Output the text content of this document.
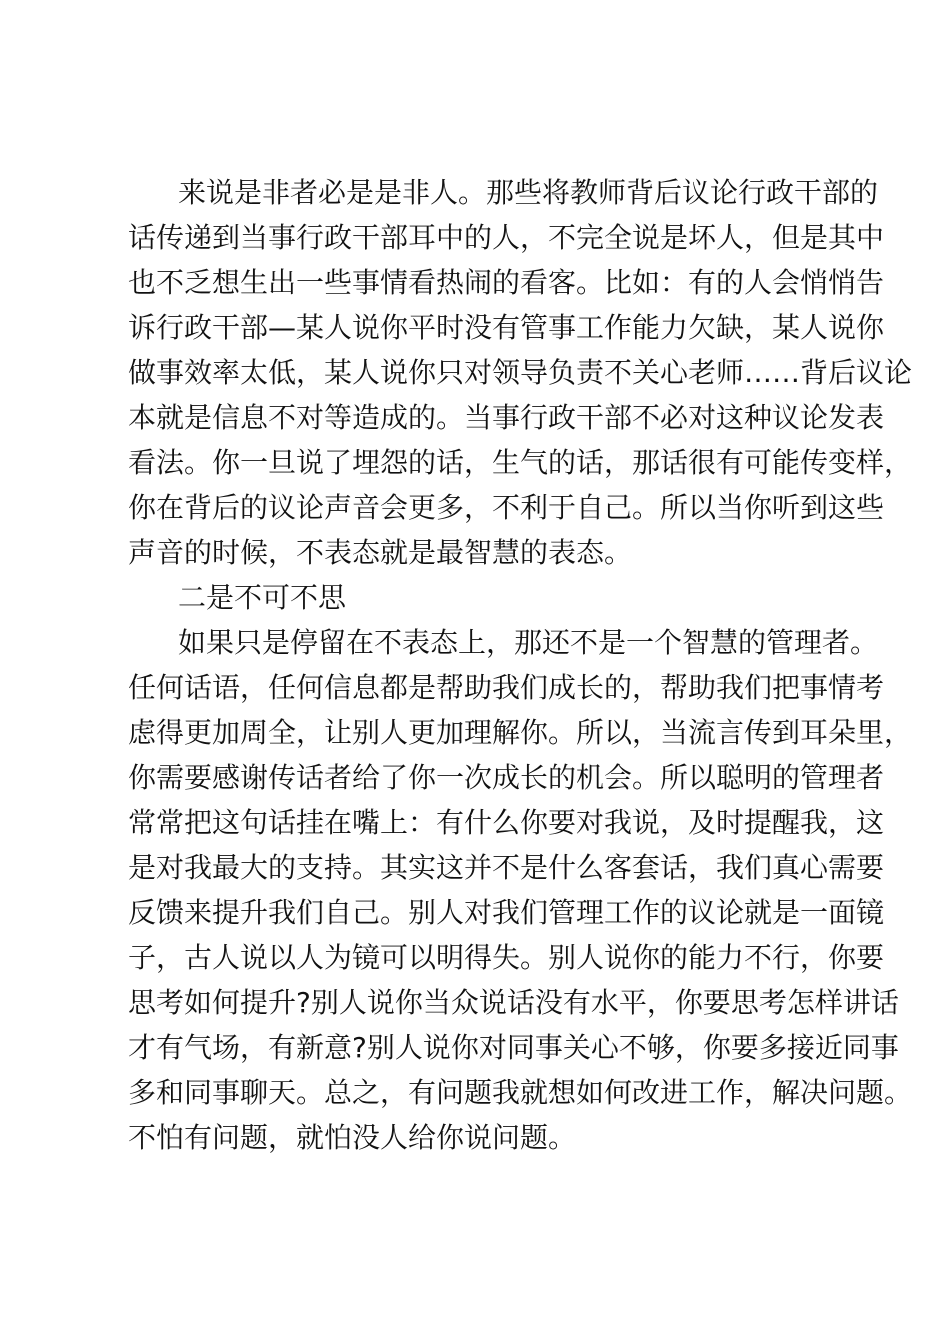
来说是非者必是是非人。那些将教师背后议论行政干部的
话传递到当事行政干部耳中的人，不完全说是坏人，但是其中
也不乏想生出一些事情看热闹的看客。比如：有的人会悄悄告
诉行政干部—某人说你平时没有管事工作能力欠缺，某人说你
做事效率太低，某人说你只对领导负责不关心老师……背后议论
本就是信息不对等造成的。当事行政干部不必对这种议论发表
看法。你一旦说了埋怨的话，生气的话，那话很有可能传变样，
你在背后的议论声音会更多，不利于自己。所以当你听到这些
声音的时候，不表态就是最智慧的表态。
二是不可不思
如果只是停留在不表态上，那还不是一个智慧的管理者。
任何话语，任何信息都是帮助我们成长的，帮助我们把事情考
虑得更加周全，让别人更加理解你。所以，当流言传到耳朵里，
你需要感谢传话者给了你一次成长的机会。所以聪明的管理者
常常把这句话挂在嘴上：有什么你要对我说，及时提醒我，这
是对我最大的支持。其实这并不是什么客套话，我们真心需要
反馈来提升我们自己。别人对我们管理工作的议论就是一面镜
子，古人说以人为镜可以明得失。别人说你的能力不行，你要
思考如何提升?别人说你当众说话没有水平，你要思考怎样讲话
才有气场，有新意?别人说你对同事关心不够，你要多接近同事
多和同事聊天。总之，有问题我就想如何改进工作，解决问题。
不怕有问题，就怕没人给你说问题。
